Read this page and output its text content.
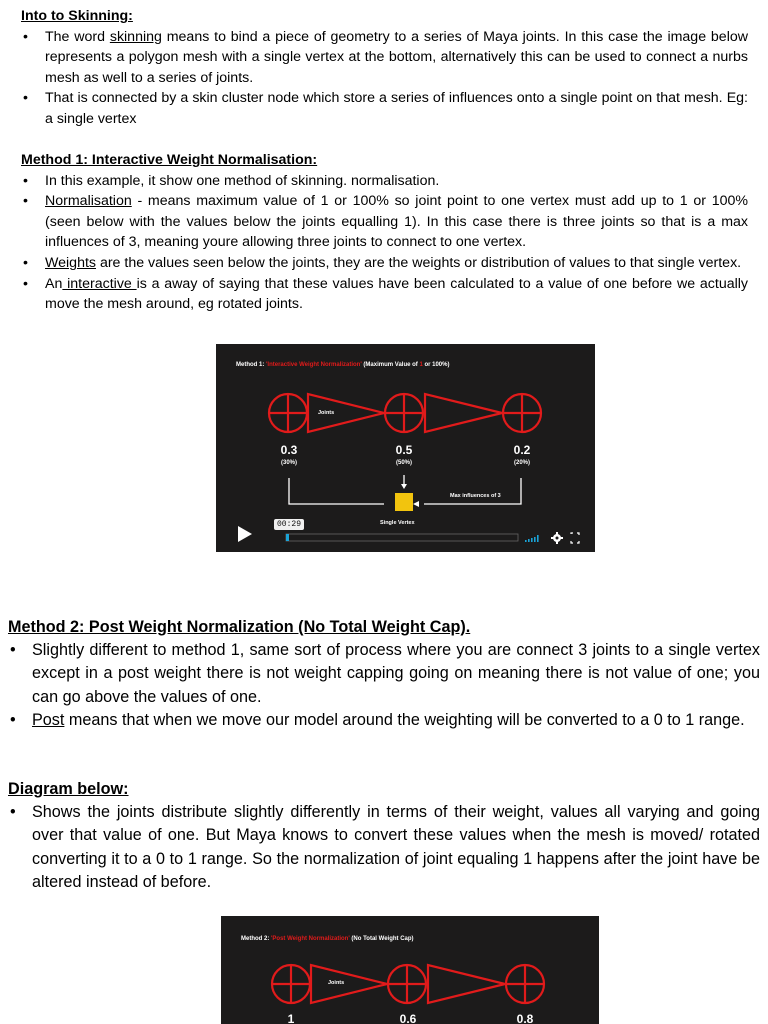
Into to Skinning:

• The word skinning means to bind a piece of geometry to a series of Maya joints. In this case the image below represents a polygon mesh with a single vertex at the bottom, alternatively this can be used to connect a nurbs mesh as well to a series of joints.
• That is connected by a skin cluster node which store a series of influences onto a single point on that mesh. Eg: a single vertex

Method 1: Interactive Weight Normalisation:

• In this example, it show one method of skinning. normalisation.
• Normalisation - means maximum value of 1 or 100% so joint point to one vertex must add up to 1 or 100% (seen below with the values below the joints equalling 1). In this case there is three joints so that is a max influences of 3, meaning youre allowing three joints to connect to one vertex.
• Weights are the values seen below the joints, they are the weights or distribution of values to that single vertex.
• An interactive is a away of saying that these values have been calculated to a value of one before we actually move the mesh around, eg rotated joints.
Method 1: 'Interactive Weight Normalization' (Maximum Value of 1 or 100%)
Joints
0.3	0.5	0.2
(30%)	(50%)	(20%)
Max influences of 3
Single Vertex
00:29

Method 2: Post Weight Normalization (No Total Weight Cap).

• Slightly different to method 1, same sort of process where you are connect 3 joints to a single vertex except in a post weight there is not weight capping going on meaning there is not value of one; you can go above the values of one.
• Post means that when we move our model around the weighting will be converted to a 0 to 1 range.

Diagram below:

• Shows the joints distribute slightly differently in terms of their weight, values all varying and going over that value of one. But Maya knows to convert these values when the mesh is moved/ rotated converting it to a 0 to 1 range. So the normalization of joint equaling 1 happens after the joint have be altered instead of before.
Method 2: 'Post Weight Normalization' (No Total Weight Cap)
Joints
1	0.6	0.8
